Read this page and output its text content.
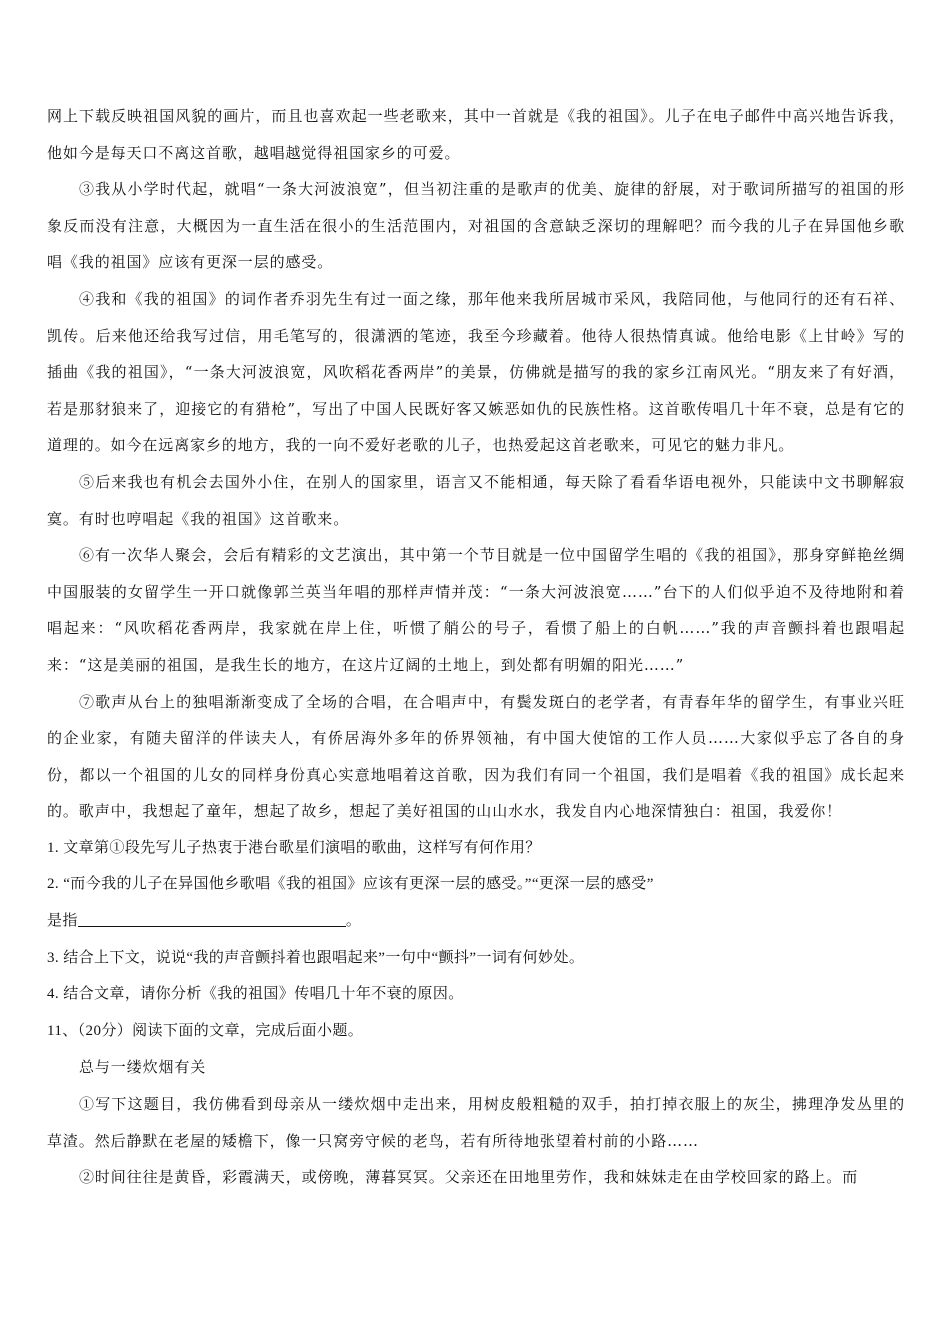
网上下载反映祖国风貌的画片，而且也喜欢起一些老歌来，其中一首就是《我的祖国》。儿子在电子邮件中高兴地告诉我，他如今是每天口不离这首歌，越唱越觉得祖国家乡的可爱。

③我从小学时代起，就唱“一条大河波浪宽”，但当初注重的是歌声的优美、旋律的舒展，对于歌词所描写的祖国的形象反而没有注意，大概因为一直生活在很小的生活范围内，对祖国的含意缺乏深切的理解吧？而今我的儿子在异国他乡歌唱《我的祖国》应该有更深一层的感受。

④我和《我的祖国》的词作者乔羽先生有过一面之缘，那年他来我所居城市采风，我陪同他，与他同行的还有石祥、凯传。后来他还给我写过信，用毛笔写的，很潇洒的笔迹，我至今珍藏着。他待人很热情真诚。他给电影《上甘岭》写的插曲《我的祖国》，“一条大河波浪宽，风吹稻花香两岸”的美景，仿佛就是描写的我的家乡江南风光。“朋友来了有好酒，若是那豺狼来了，迎接它的有猎枪”，写出了中国人民既好客又嫉恶如仇的民族性格。这首歌传唱几十年不衰，总是有它的道理的。如今在远离家乡的地方，我的一向不爱好老歌的儿子，也热爱起这首老歌来，可见它的魅力非凡。

⑤后来我也有机会去国外小住，在别人的国家里，语言又不能相通，每天除了看看华语电视外，只能读中文书聊解寂寞。有时也哼唱起《我的祖国》这首歌来。

⑥有一次华人聚会，会后有精彩的文艺演出，其中第一个节目就是一位中国留学生唱的《我的祖国》，那身穿鲜艳丝绸中国服装的女留学生一开口就像郭兰英当年唱的那样声情并茂：“一条大河波浪宽……”台下的人们似乎迫不及待地附和着唱起来：“风吹稻花香两岸，我家就在岸上住，听惯了艄公的号子，看惯了船上的白帆……”我的声音颤抖着也跟唱起来：“这是美丽的祖国，是我生长的地方，在这片辽阔的土地上，到处都有明媚的阳光……”

⑦歌声从台上的独唱渐渐变成了全场的合唱，在合唱声中，有鬓发斑白的老学者，有青春年华的留学生，有事业兴旺的企业家，有随夫留洋的伴读夫人，有侨居海外多年的侨界领袖，有中国大使馆的工作人员……大家似乎忘了各自的身份，都以一个祖国的儿女的同样身份真心实意地唱着这首歌，因为我们有同一个祖国，我们是唱着《我的祖国》成长起来的。歌声中，我想起了童年，想起了故乡，想起了美好祖国的山山水水，我发自内心地深情独白：祖国，我爱你！

1. 文章第①段先写儿子热衷于港台歌星们演唱的歌曲，这样写有何作用？

2. “而今我的儿子在异国他乡歌唱《我的祖国》应该有更深一层的感受。”“更深一层的感受”

是指	。

3. 结合上下文，说说“我的声音颤抖着也跟唱起来”一句中“颤抖”一词有何妙处。

4. 结合文章，请你分析《我的祖国》传唱几十年不衰的原因。

11、（20分）阅读下面的文章，完成后面小题。

总与一缕炊烟有关

①写下这题目，我仿佛看到母亲从一缕炊烟中走出来，用树皮般粗糙的双手，拍打掉衣服上的灰尘，拂理净发丛里的草渣。然后静默在老屋的矮檐下，像一只窝旁守候的老鸟，若有所待地张望着村前的小路……

②时间往往是黄昏，彩霞满天，或傍晚，薄暮冥冥。父亲还在田地里劳作，我和妹妹走在由学校回家的路上。而
